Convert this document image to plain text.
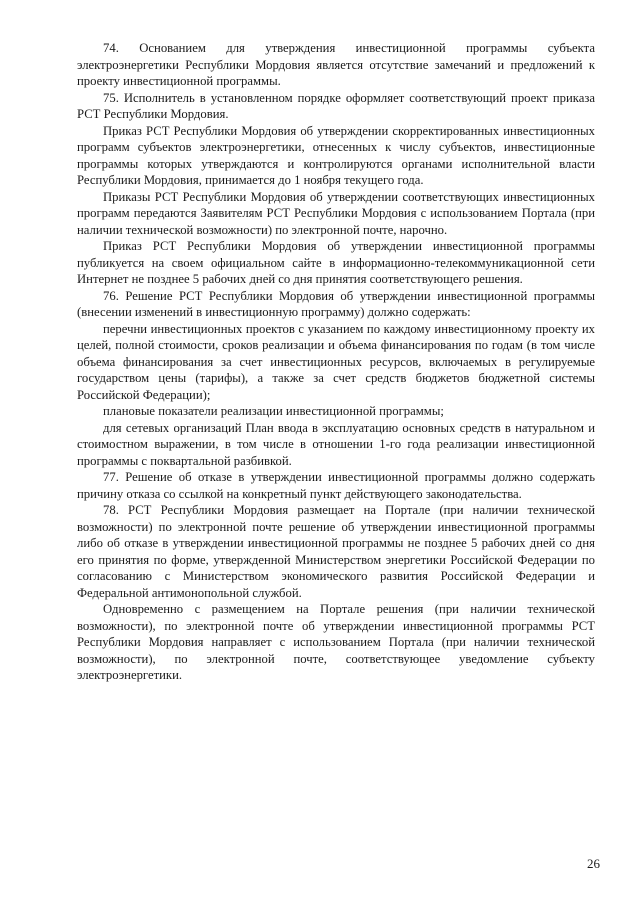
74. Основанием для утверждения инвестиционной программы субъекта электроэнергетики Республики Мордовия является отсутствие замечаний и предложений к проекту инвестиционной программы.

75. Исполнитель в установленном порядке оформляет соответствующий проект приказа РСТ Республики Мордовия.

Приказ РСТ Республики Мордовия об утверждении скорректированных инвестиционных программ субъектов электроэнергетики, отнесенных к числу субъектов, инвестиционные программы которых утверждаются и контролируются органами исполнительной власти Республики Мордовия, принимается до 1 ноября текущего года.

Приказы РСТ Республики Мордовия об утверждении соответствующих инвестиционных программ передаются Заявителям РСТ Республики Мордовия с использованием Портала (при наличии технической возможности) по электронной почте, нарочно.

Приказ РСТ Республики Мордовия об утверждении инвестиционной программы публикуется на своем официальном сайте в информационно-телекоммуникационной сети Интернет не позднее 5 рабочих дней со дня принятия соответствующего решения.

76. Решение РСТ Республики Мордовия об утверждении инвестиционной программы (внесении изменений в инвестиционную программу) должно содержать:

перечни инвестиционных проектов с указанием по каждому инвестиционному проекту их целей, полной стоимости, сроков реализации и объема финансирования по годам (в том числе объема финансирования за счет инвестиционных ресурсов, включаемых в регулируемые государством цены (тарифы), а также за счет средств бюджетов бюджетной системы Российской Федерации);

плановые показатели реализации инвестиционной программы;

для сетевых организаций План ввода в эксплуатацию основных средств в натуральном и стоимостном выражении, в том числе в отношении 1-го года реализации инвестиционной программы с поквартальной разбивкой.

77. Решение об отказе в утверждении инвестиционной программы должно содержать причину отказа со ссылкой на конкретный пункт действующего законодательства.

78. РСТ Республики Мордовия размещает на Портале (при наличии технической возможности) по электронной почте решение об утверждении инвестиционной программы либо об отказе в утверждении инвестиционной программы не позднее 5 рабочих дней со дня его принятия по форме, утвержденной Министерством энергетики Российской Федерации по согласованию с Министерством экономического развития Российской Федерации и Федеральной антимонопольной службой.

Одновременно с размещением на Портале решения (при наличии технической возможности), по электронной почте об утверждении инвестиционной программы РСТ Республики Мордовия направляет с использованием Портала (при наличии технической возможности), по электронной почте, соответствующее уведомление субъекту электроэнергетики.

26
